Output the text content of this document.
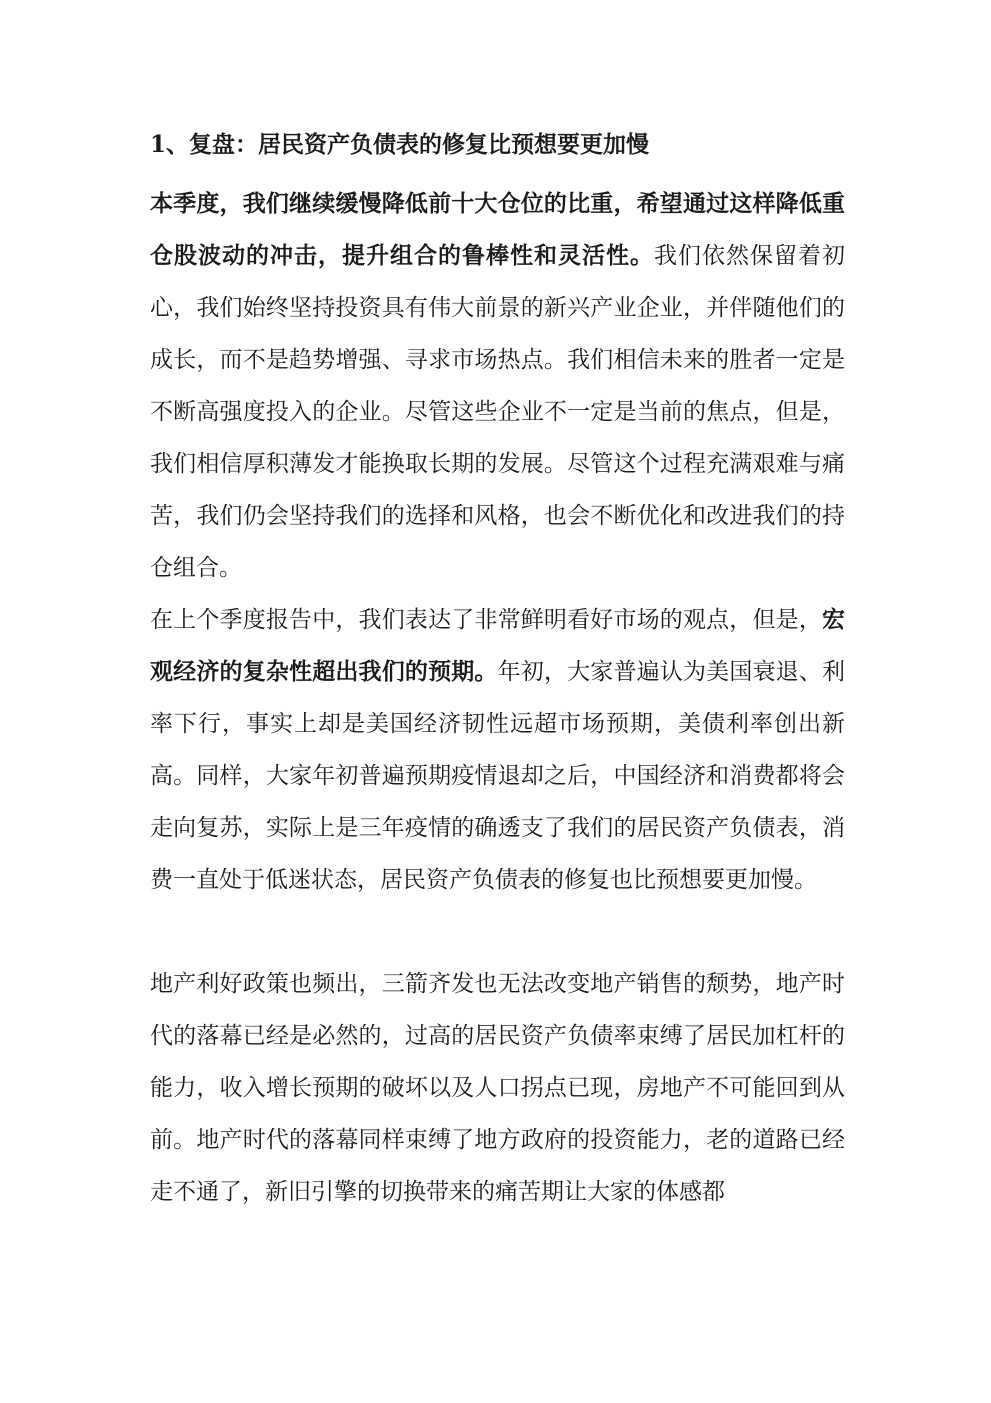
1、复盘：居民资产负债表的修复比预想要更加慢

本季度，我们继续缓慢降低前十大仓位的比重，希望通过这样降低重仓股波动的冲击，提升组合的鲁棒性和灵活性。我们依然保留着初心，我们始终坚持投资具有伟大前景的新兴产业企业，并伴随他们的成长，而不是趋势增强、寻求市场热点。我们相信未来的胜者一定是不断高强度投入的企业。尽管这些企业不一定是当前的焦点，但是，我们相信厚积薄发才能换取长期的发展。尽管这个过程充满艰难与痛苦，我们仍会坚持我们的选择和风格，也会不断优化和改进我们的持仓组合。

在上个季度报告中，我们表达了非常鲜明看好市场的观点，但是，宏观经济的复杂性超出我们的预期。年初，大家普遍认为美国衰退、利率下行，事实上却是美国经济韧性远超市场预期，美债利率创出新高。同样，大家年初普遍预期疫情退却之后，中国经济和消费都将会走向复苏，实际上是三年疫情的确透支了我们的居民资产负债表，消费一直处于低迷状态，居民资产负债表的修复也比预想要更加慢。

地产利好政策也频出，三箭齐发也无法改变地产销售的颓势，地产时代的落幕已经是必然的，过高的居民资产负债率束缚了居民加杠杆的能力，收入增长预期的破坏以及人口拐点已现，房地产不可能回到从前。地产时代的落幕同样束缚了地方政府的投资能力，老的道路已经走不通了，新旧引擎的切换带来的痛苦期让大家的体感都
